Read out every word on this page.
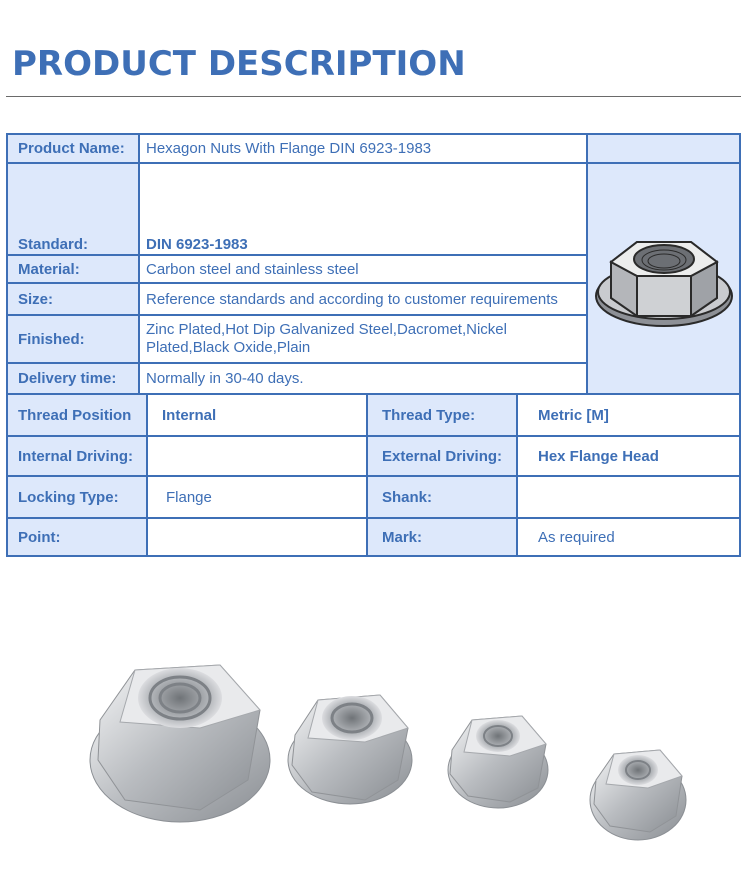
PRODUCT DESCRIPTION
Product Name:	Hexagon Nuts With Flange DIN 6923-1983	
Standard:	DIN 6923-1983	

Material:	Carbon steel and stainless steel	
Size:	Reference standards and according to customer requirements	
Finished:	Zinc Plated,Hot Dip Galvanized Steel,Dacromet,Nickel Plated,Black Oxide,Plain	
Delivery time:	Normally in 30-40 days.	
Thread Position	Internal	Thread Type:	Metric [M]
Internal Driving:		External Driving:	Hex Flange Head
Locking Type:	Flange	Shank:	
Point:		Mark:	As required
